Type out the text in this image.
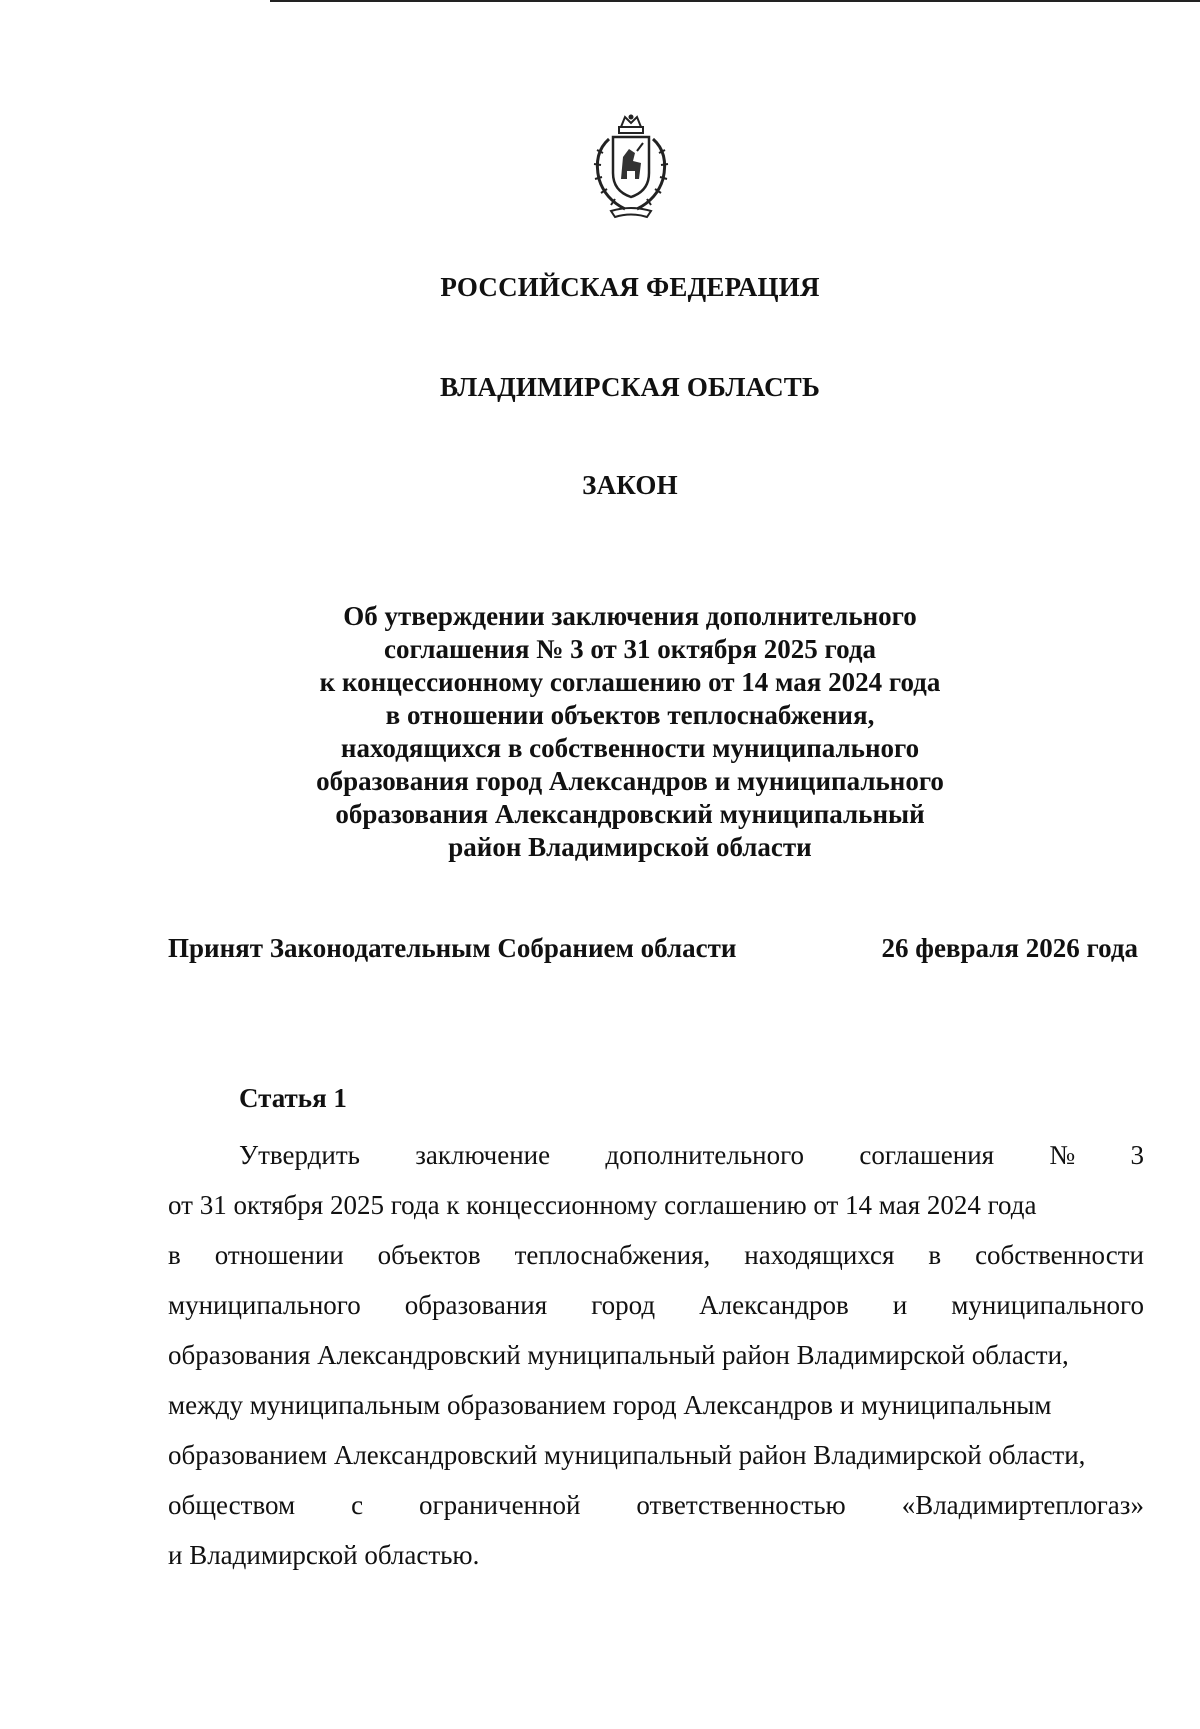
РОССИЙСКАЯ ФЕДЕРАЦИЯ
ВЛАДИМИРСКАЯ ОБЛАСТЬ
ЗАКОН
Об утверждении заключения дополнительного
соглашения № 3 от 31 октября 2025 года
к концессионному соглашению от 14 мая 2024 года
в отношении объектов теплоснабжения,
находящихся в собственности муниципального
образования город Александров и муниципального
образования Александровский муниципальный
район Владимирской области
Принят Законодательным Собранием области	26 февраля 2026 года
Статья 1
Утвердить заключение дополнительного соглашения № 3
от 31 октября 2025 года к концессионному соглашению от 14 мая 2024 года
в отношении объектов теплоснабжения, находящихся в собственности
муниципального образования город Александров и муниципального
образования Александровский муниципальный район Владимирской области,
между муниципальным образованием город Александров и муниципальным
образованием Александровский муниципальный район Владимирской области,
обществом с ограниченной ответственностью «Владимиртеплогаз»
и Владимирской областью.
